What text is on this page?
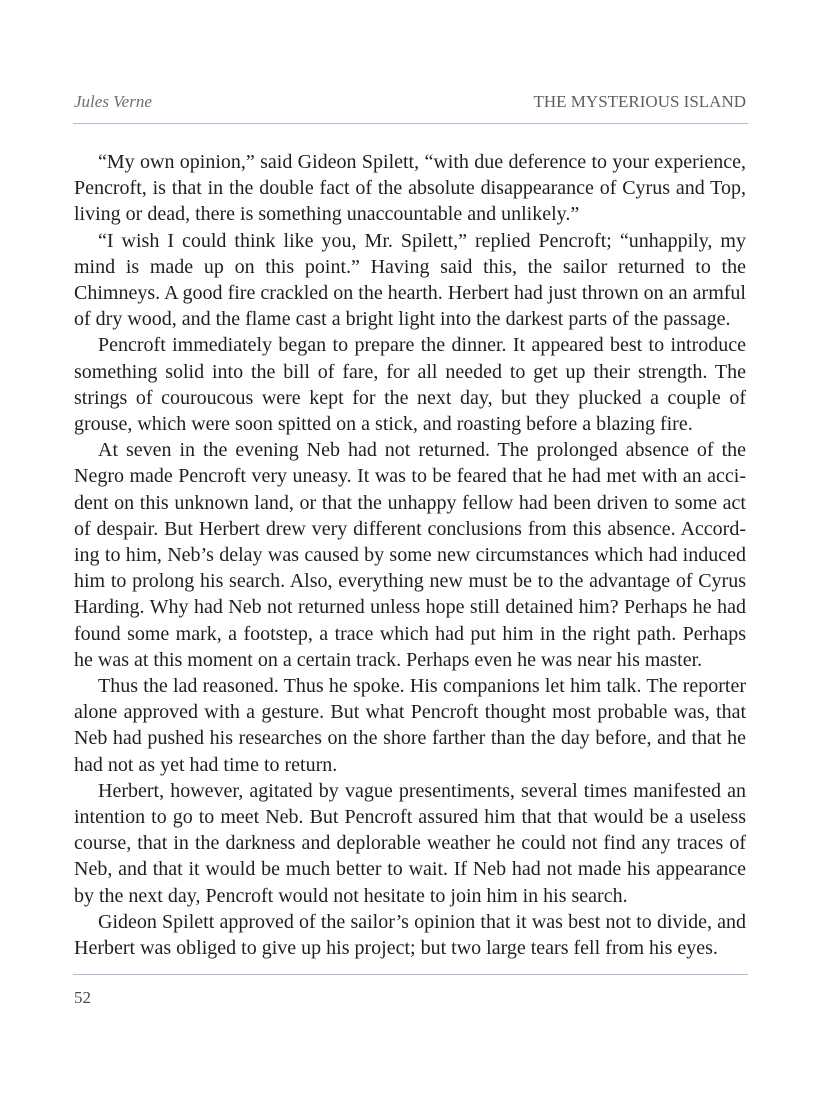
Jules Verne	THE MYSTERIOUS ISLAND

“My own opinion,” said Gideon Spilett, “with due deference to your experience, Pencroft, is that in the double fact of the absolute disappearance of Cyrus and Top, living or dead, there is something unaccountable and unlikely.”

“I wish I could think like you, Mr. Spilett,” replied Pencroft; “unhappily, my mind is made up on this point.” Having said this, the sailor returned to the Chimneys. A good fire crackled on the hearth. Herbert had just thrown on an armful of dry wood, and the flame cast a bright light into the darkest parts of the passage.

Pencroft immediately began to prepare the dinner. It appeared best to introduce something solid into the bill of fare, for all needed to get up their strength. The strings of couroucous were kept for the next day, but they plucked a couple of grouse, which were soon spitted on a stick, and roasting before a blazing fire.

At seven in the evening Neb had not returned. The prolonged absence of the Negro made Pencroft very uneasy. It was to be feared that he had met with an accident on this unknown land, or that the unhappy fellow had been driven to some act of despair. But Herbert drew very different conclusions from this absence. According to him, Neb’s delay was caused by some new circumstances which had induced him to prolong his search. Also, everything new must be to the advantage of Cyrus Harding. Why had Neb not returned unless hope still detained him? Perhaps he had found some mark, a footstep, a trace which had put him in the right path. Perhaps he was at this moment on a certain track. Perhaps even he was near his master.

Thus the lad reasoned. Thus he spoke. His companions let him talk. The reporter alone approved with a gesture. But what Pencroft thought most probable was, that Neb had pushed his researches on the shore farther than the day before, and that he had not as yet had time to return.

Herbert, however, agitated by vague presentiments, several times manifested an intention to go to meet Neb. But Pencroft assured him that that would be a useless course, that in the darkness and deplorable weather he could not find any traces of Neb, and that it would be much better to wait. If Neb had not made his appearance by the next day, Pencroft would not hesitate to join him in his search.

Gideon Spilett approved of the sailor’s opinion that it was best not to divide, and Herbert was obliged to give up his project; but two large tears fell from his eyes.

52
